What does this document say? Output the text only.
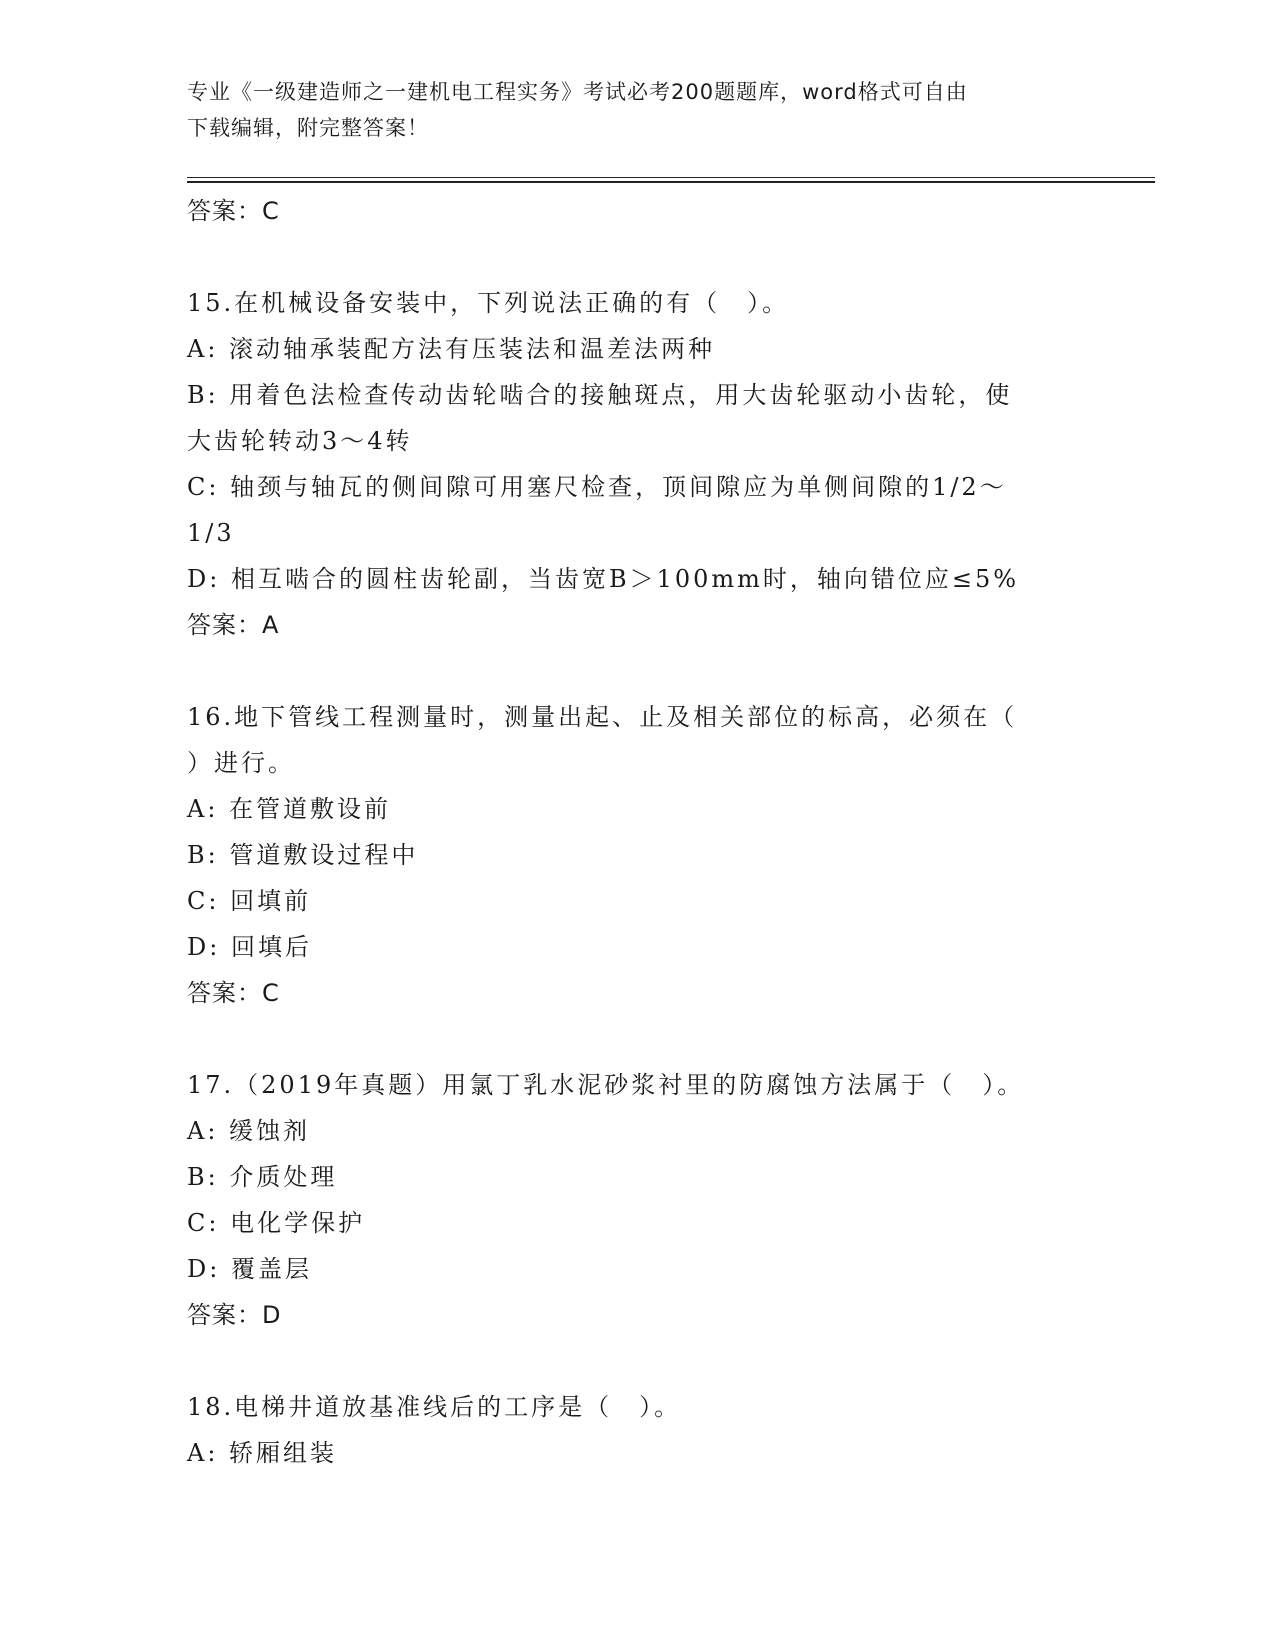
专业《一级建造师之一建机电工程实务》考试必考200题题库，word格式可自由
下载编辑，附完整答案！
答案：C
15.在机械设备安装中，下列说法正确的有（　）。
A: 滚动轴承装配方法有压装法和温差法两种
B: 用着色法检查传动齿轮啮合的接触斑点，用大齿轮驱动小齿轮，使
大齿轮转动3～4转
C: 轴颈与轴瓦的侧间隙可用塞尺检查，顶间隙应为单侧间隙的1/2～
1/3
D: 相互啮合的圆柱齿轮副，当齿宽B＞100mm时，轴向错位应≤5%
答案：A
16.地下管线工程测量时，测量出起、止及相关部位的标高，必须在（
）进行。
A: 在管道敷设前
B: 管道敷设过程中
C: 回填前
D: 回填后
答案：C
17.（2019年真题）用氯丁乳水泥砂浆衬里的防腐蚀方法属于（　）。
A: 缓蚀剂
B: 介质处理
C: 电化学保护
D: 覆盖层
答案：D
18.电梯井道放基准线后的工序是（　）。
A: 轿厢组装
